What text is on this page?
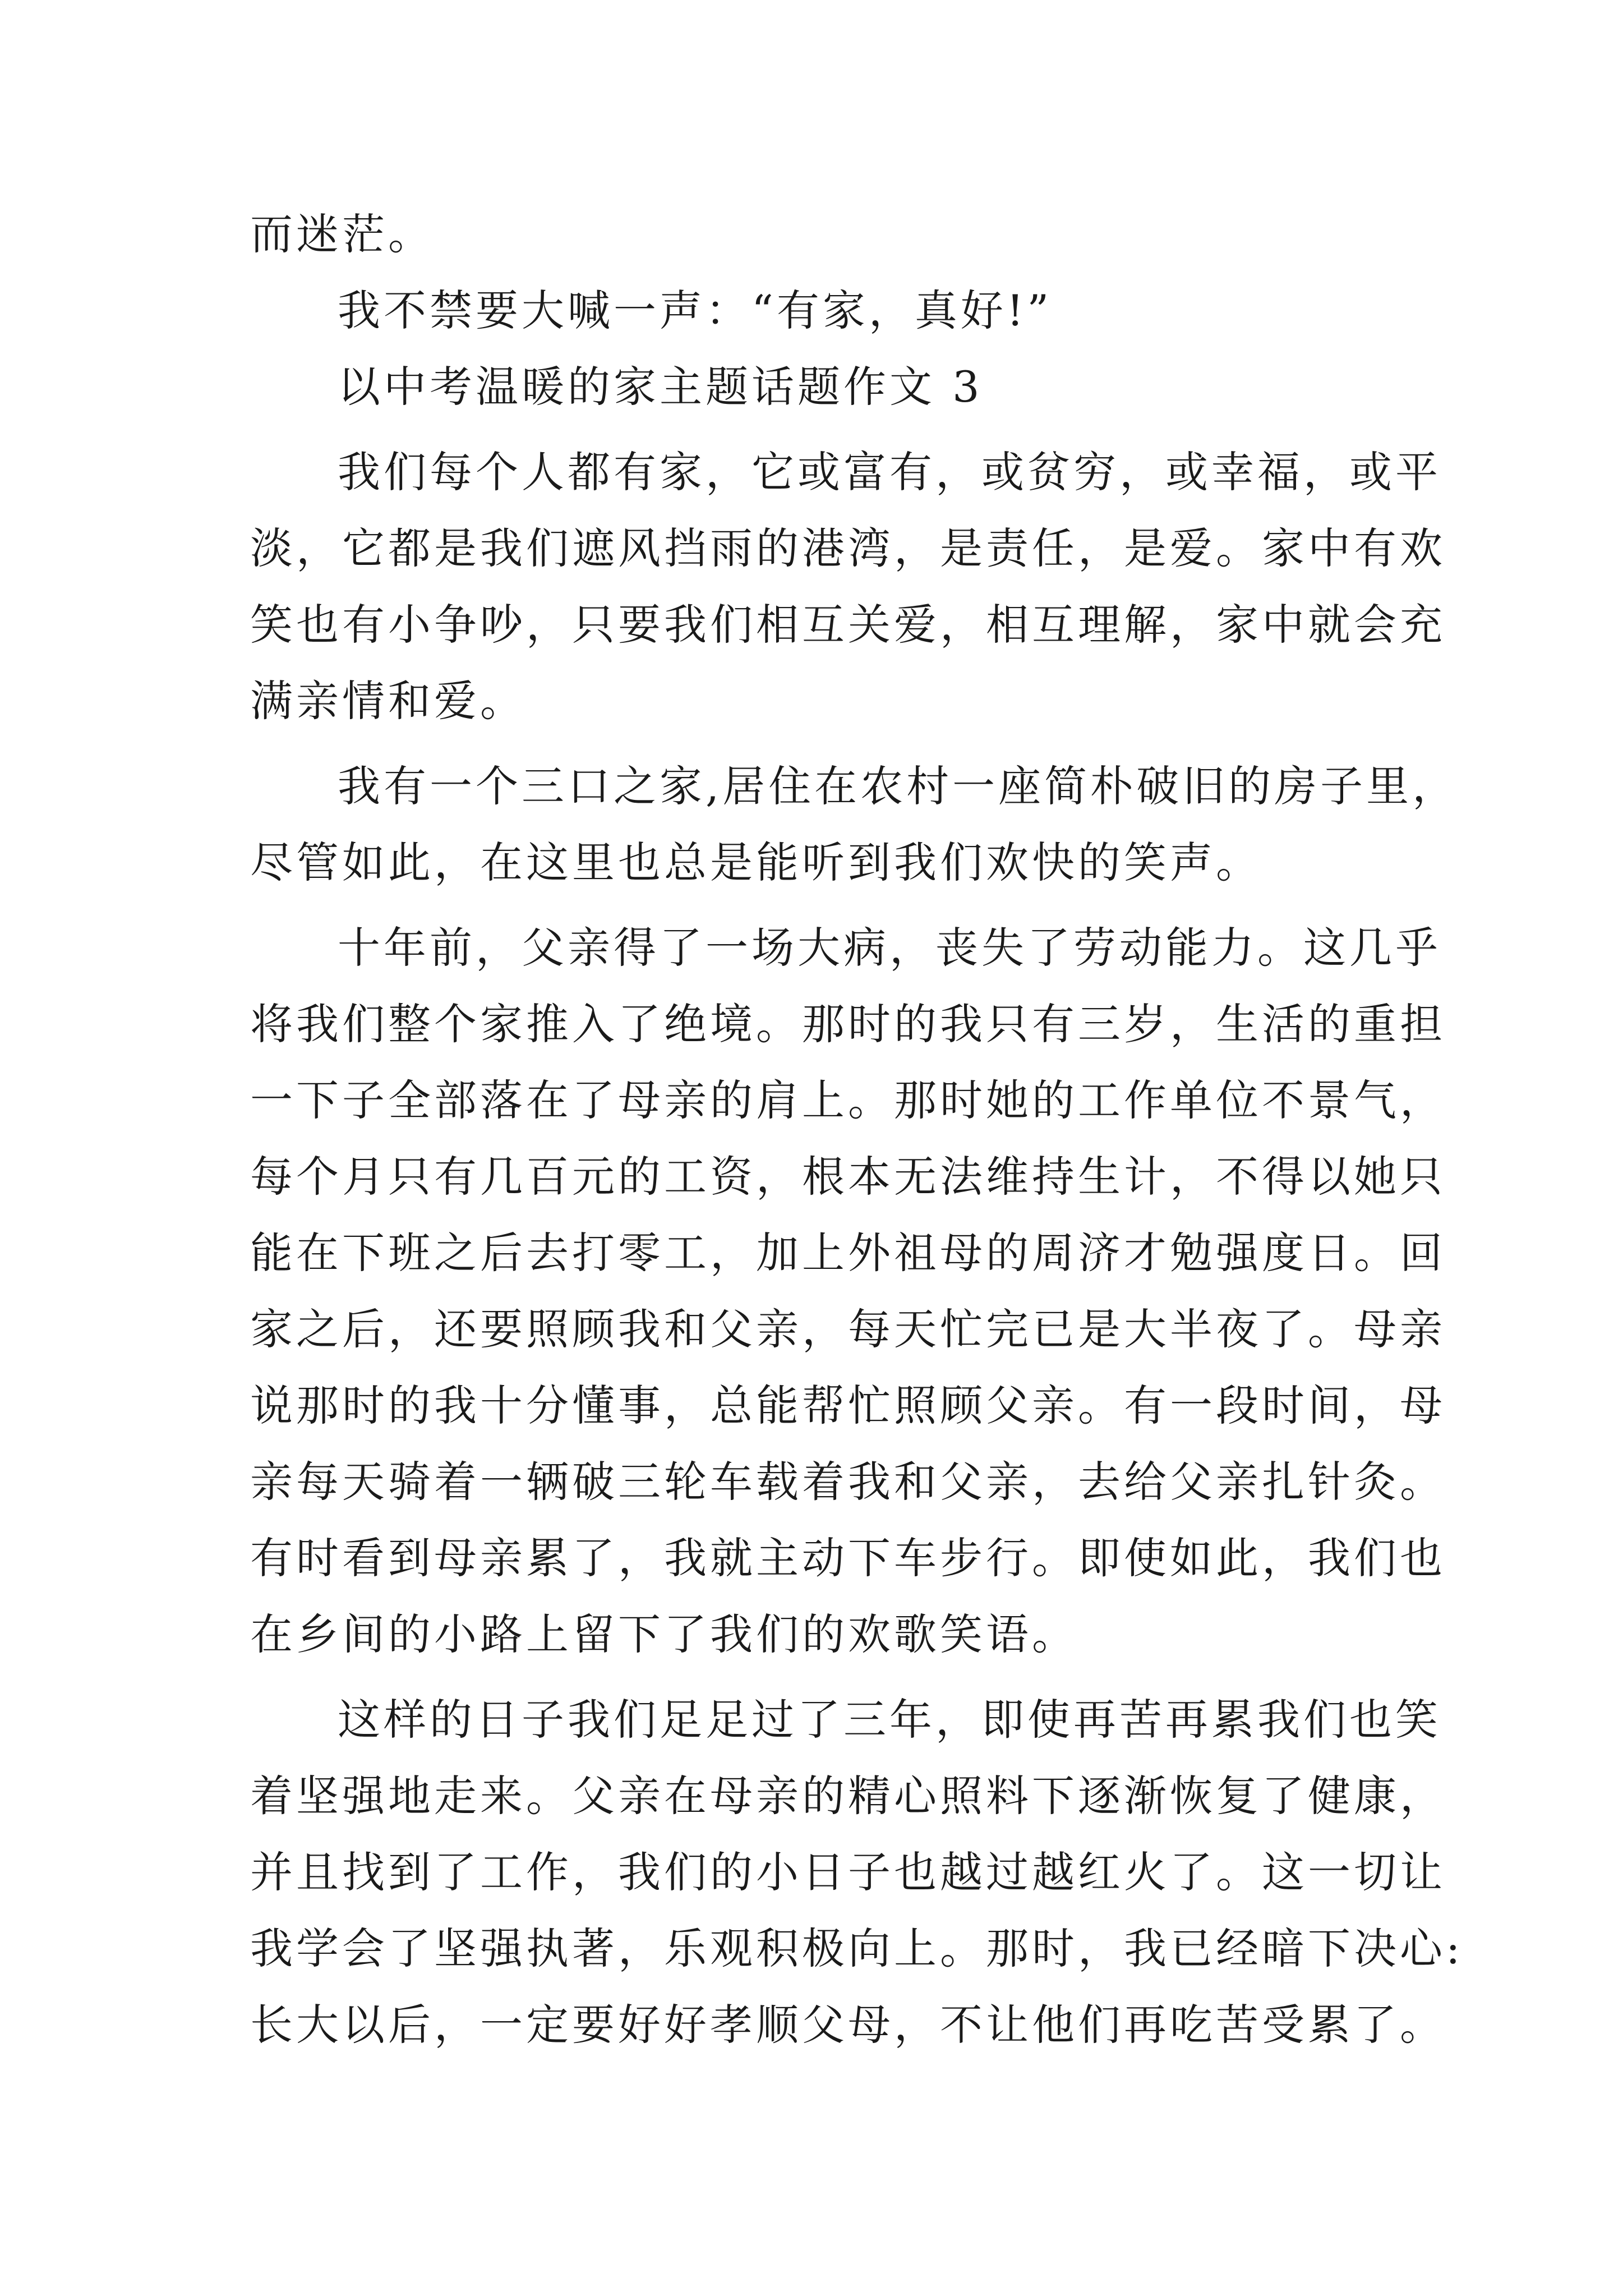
而迷茫。
我不禁要大喊一声：“有家，真好!”
以中考温暖的家主题话题作文 3
我们每个人都有家，它或富有，或贫穷，或幸福，或平
淡，它都是我们遮风挡雨的港湾，是责任，是爱。家中有欢
笑也有小争吵，只要我们相互关爱，相互理解，家中就会充
满亲情和爱。
我有一个三口之家,居住在农村一座简朴破旧的房子里，
尽管如此，在这里也总是能听到我们欢快的笑声。
十年前，父亲得了一场大病，丧失了劳动能力。这几乎
将我们整个家推入了绝境。那时的我只有三岁，生活的重担
一下子全部落在了母亲的肩上。那时她的工作单位不景气，
每个月只有几百元的工资，根本无法维持生计，不得以她只
能在下班之后去打零工，加上外祖母的周济才勉强度日。回
家之后，还要照顾我和父亲，每天忙完已是大半夜了。母亲
说那时的我十分懂事，总能帮忙照顾父亲。有一段时间，母
亲每天骑着一辆破三轮车载着我和父亲，去给父亲扎针灸。
有时看到母亲累了，我就主动下车步行。即使如此，我们也
在乡间的小路上留下了我们的欢歌笑语。
这样的日子我们足足过了三年，即使再苦再累我们也笑
着坚强地走来。父亲在母亲的精心照料下逐渐恢复了健康，
并且找到了工作，我们的小日子也越过越红火了。这一切让
我学会了坚强执著，乐观积极向上。那时，我已经暗下决心:
长大以后，一定要好好孝顺父母，不让他们再吃苦受累了。
